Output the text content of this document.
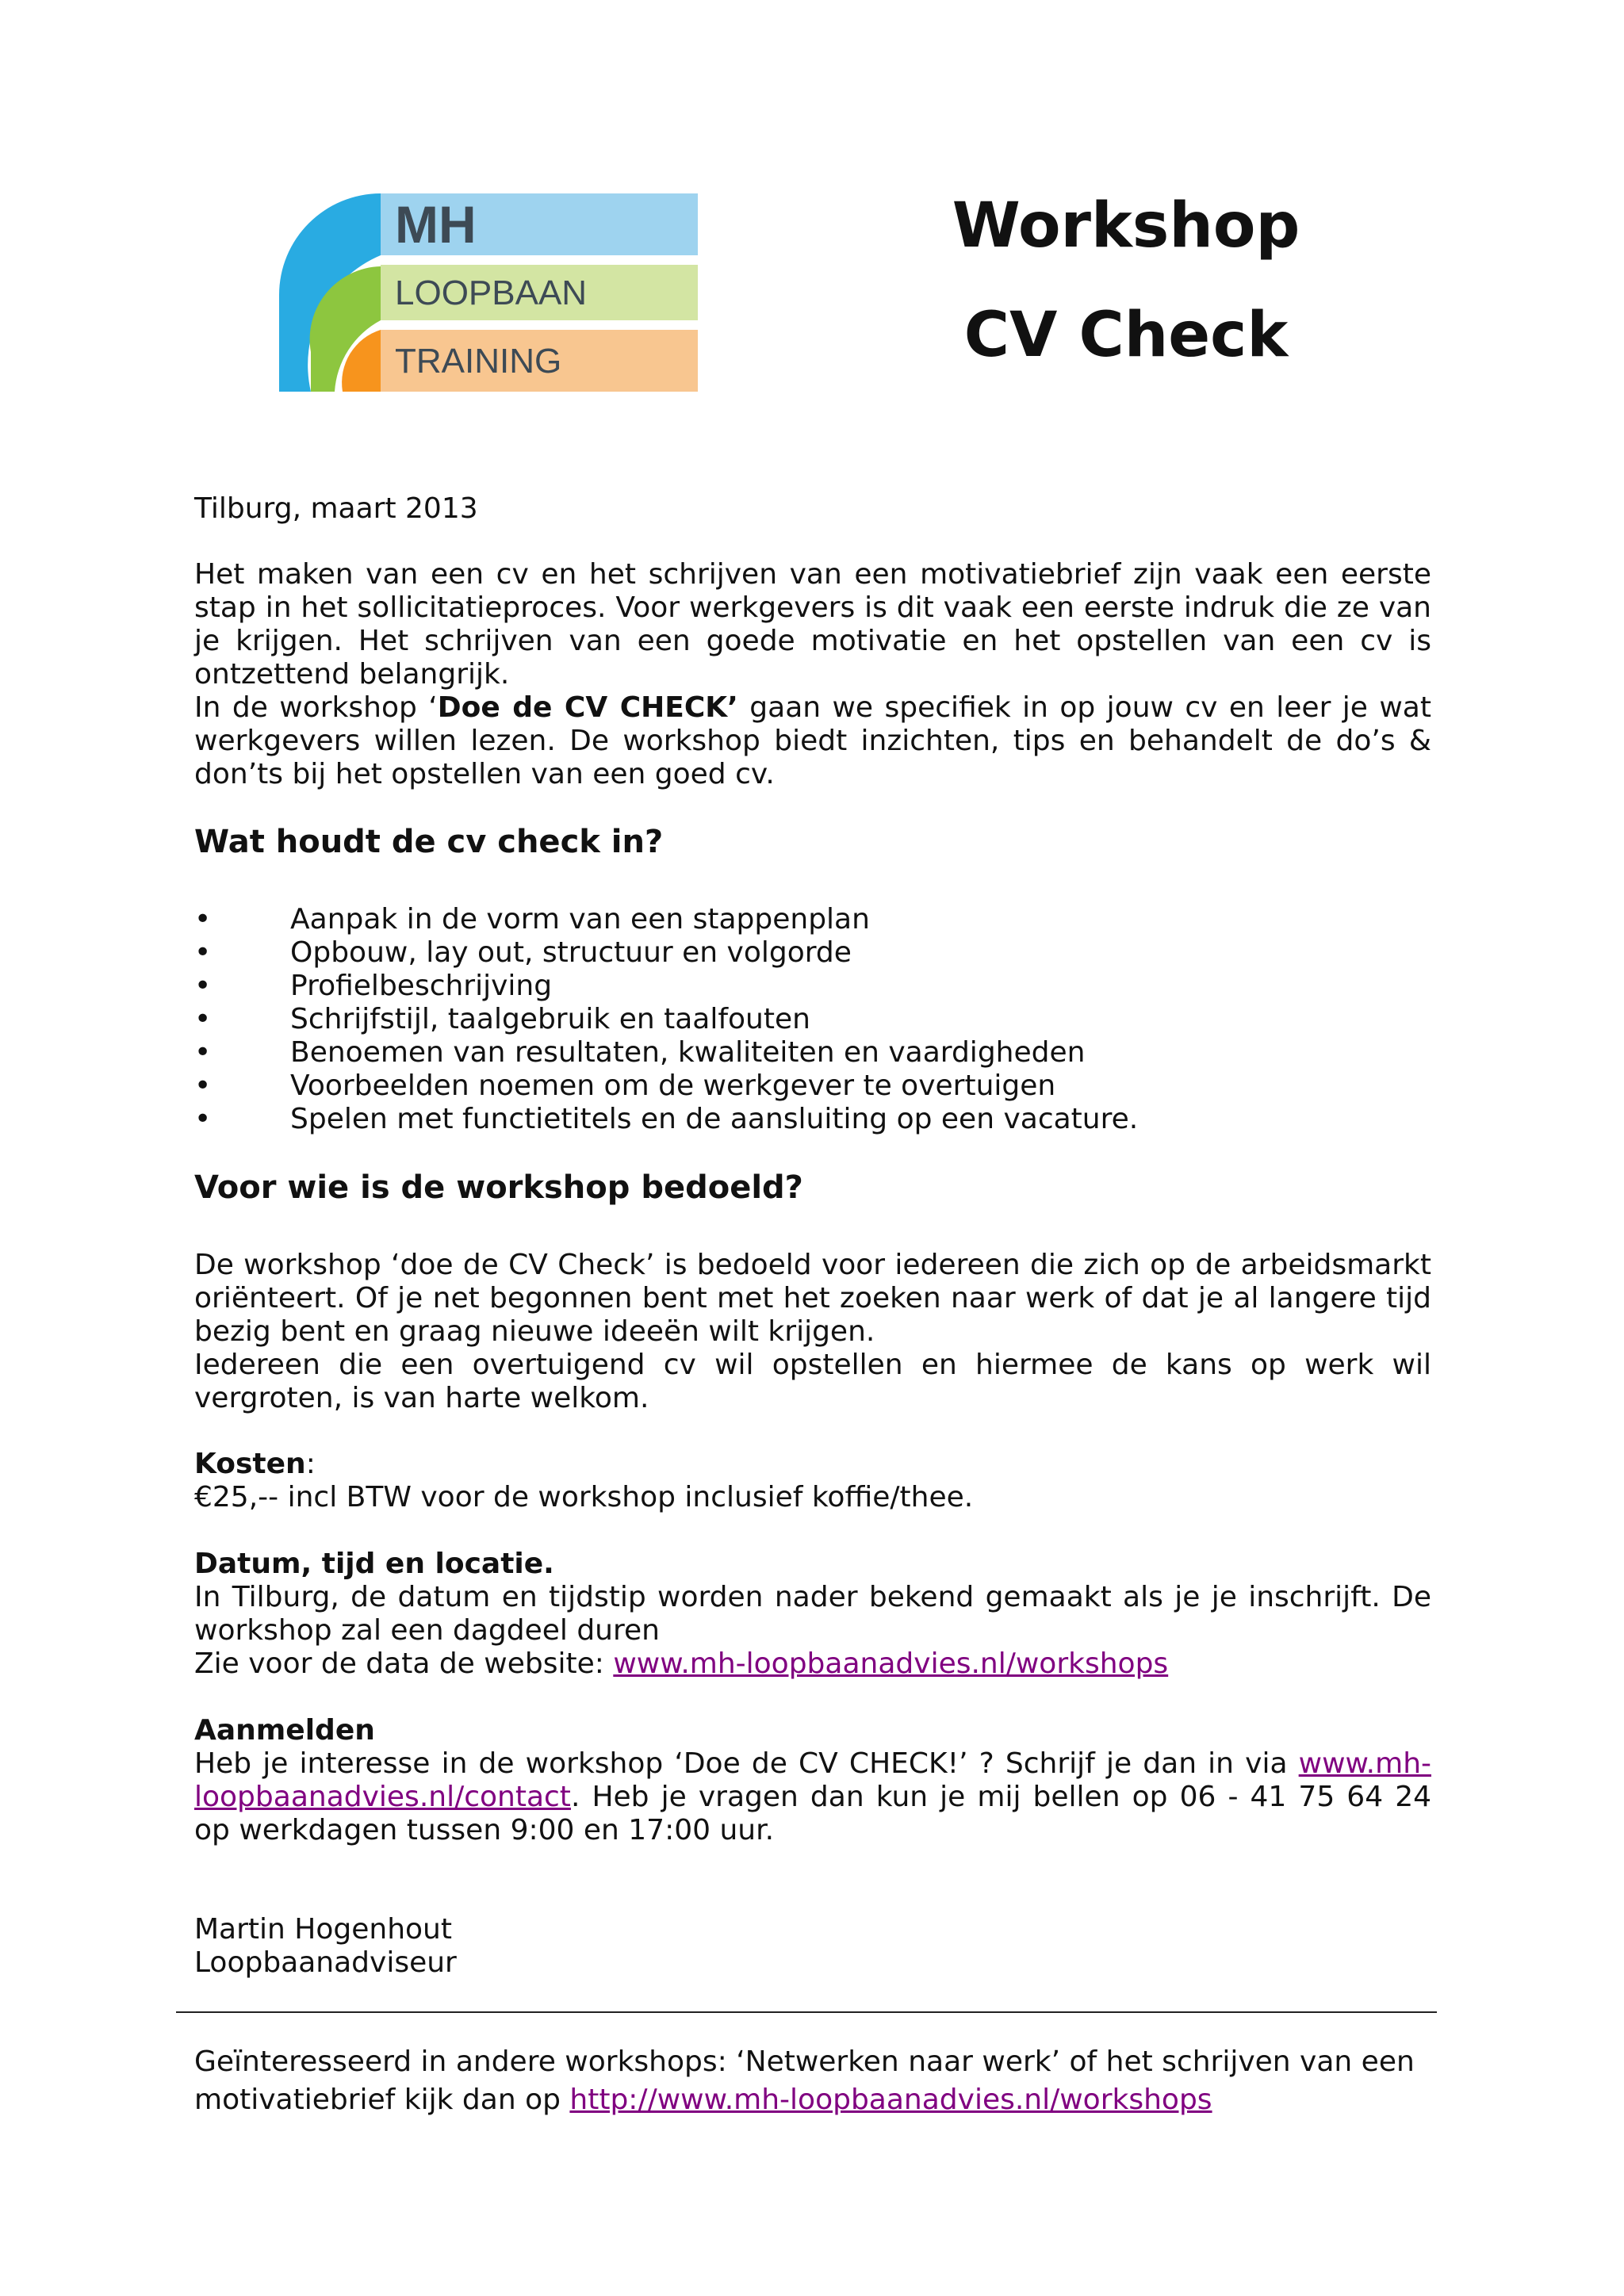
MH
LOOPBAAN
TRAINING
Workshop
CV Check
Tilburg, maart 2013
Het maken van een cv en het schrijven van een motivatiebrief zijn vaak een eerste stap in het sollicitatieproces. Voor werkgevers is dit vaak een eerste indruk die ze van je krijgen. Het schrijven van een goede motivatie en het opstellen van een cv is ontzettend belangrijk.
In de workshop ‘Doe de CV CHECK’ gaan we specifiek in op jouw cv en leer je wat werkgevers willen lezen. De workshop biedt inzichten, tips en behandelt de do’s & don’ts bij het opstellen van een goed cv.
Wat houdt de cv check in?
•	Aanpak in de vorm van een stappenplan
•	Opbouw, lay out, structuur en volgorde
•	Profielbeschrijving
•	Schrijfstijl, taalgebruik en taalfouten
•	Benoemen van resultaten, kwaliteiten en vaardigheden
•	Voorbeelden noemen om de werkgever te overtuigen
•	Spelen met functietitels en de aansluiting op een vacature.
Voor wie is de workshop bedoeld?
De workshop ‘doe de CV Check’ is bedoeld voor iedereen die zich op de arbeidsmarkt oriënteert. Of je net begonnen bent met het zoeken naar werk of dat je al langere tijd bezig bent en graag nieuwe ideeën wilt krijgen.
Iedereen die een overtuigend cv wil opstellen en hiermee de kans op werk wil vergroten, is van harte welkom.
Kosten:
€25,-- incl BTW voor de workshop inclusief koffie/thee.
Datum, tijd en locatie.
In Tilburg, de datum en tijdstip worden nader bekend gemaakt als je je inschrijft. De workshop zal een dagdeel duren
Zie voor de data de website: www.mh-loopbaanadvies.nl/workshops
Aanmelden
Heb je interesse in de workshop ‘Doe de CV CHECK!’ ? Schrijf je dan in via www.mh-loopbaanadvies.nl/contact. Heb je vragen dan kun je mij bellen op 06 - 41 75 64 24 op werkdagen tussen 9:00 en 17:00 uur.
Martin Hogenhout
Loopbaanadviseur
Geïnteresseerd in andere workshops: ‘Netwerken naar werk’ of het schrijven van een motivatiebrief kijk dan op http://www.mh-loopbaanadvies.nl/workshops
